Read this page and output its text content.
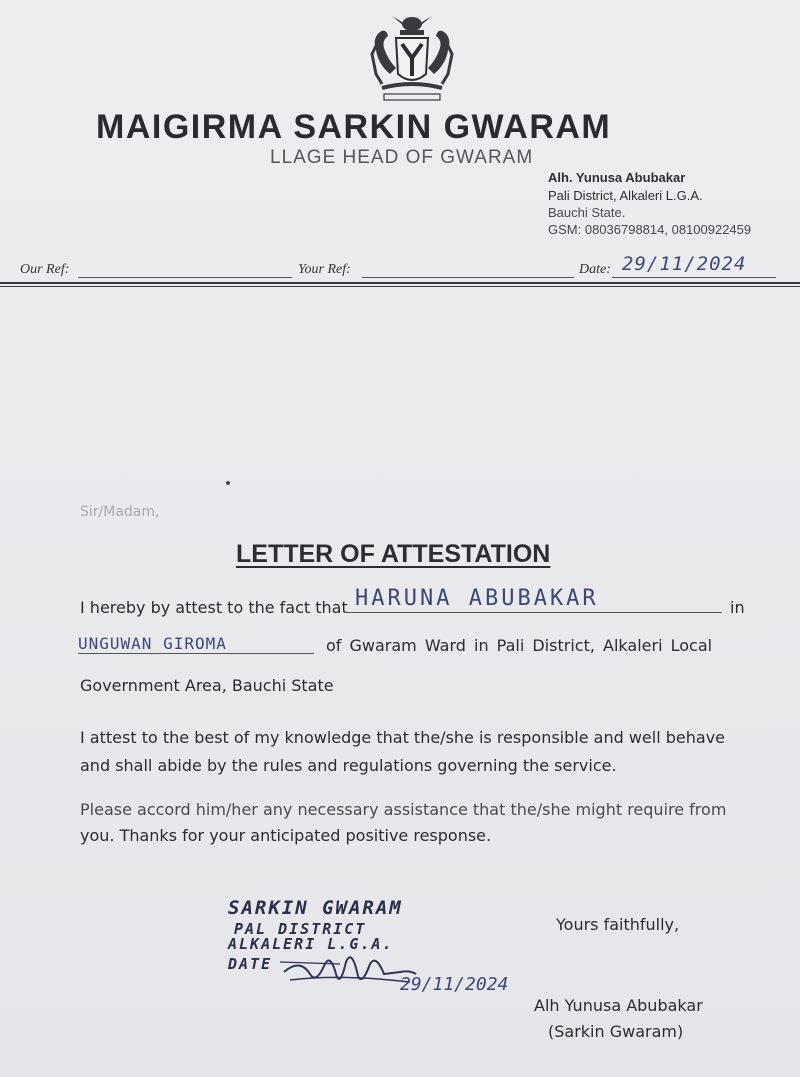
MAIGIRMA SARKIN GWARAM
LLAGE HEAD OF GWARAM
Alh. Yunusa Abubakar
Pali District, Alkaleri L.G.A.
Bauchi State.
GSM: 08036798814, 08100922459
Our Ref:	Your Ref:	Date: 29/11/2024
Sir/Madam,
LETTER OF ATTESTATION
I hereby by attest to the fact that HARUNA ABUBAKAR	in
UNGUWAN GIROMA	of Gwaram Ward in Pali District, Alkaleri Local
Government Area, Bauchi State
I attest to the best of my knowledge that the/she is responsible and well behave
and shall abide by the rules and regulations governing the service.
Please accord him/her any necessary assistance that the/she might require from
you. Thanks for your anticipated positive response.
SARKIN GWARAM
PAL DISTRICT
ALKALERI L.G.A.
DATE
29/11/2024
Yours faithfully,
Alh Yunusa Abubakar
(Sarkin Gwaram)
